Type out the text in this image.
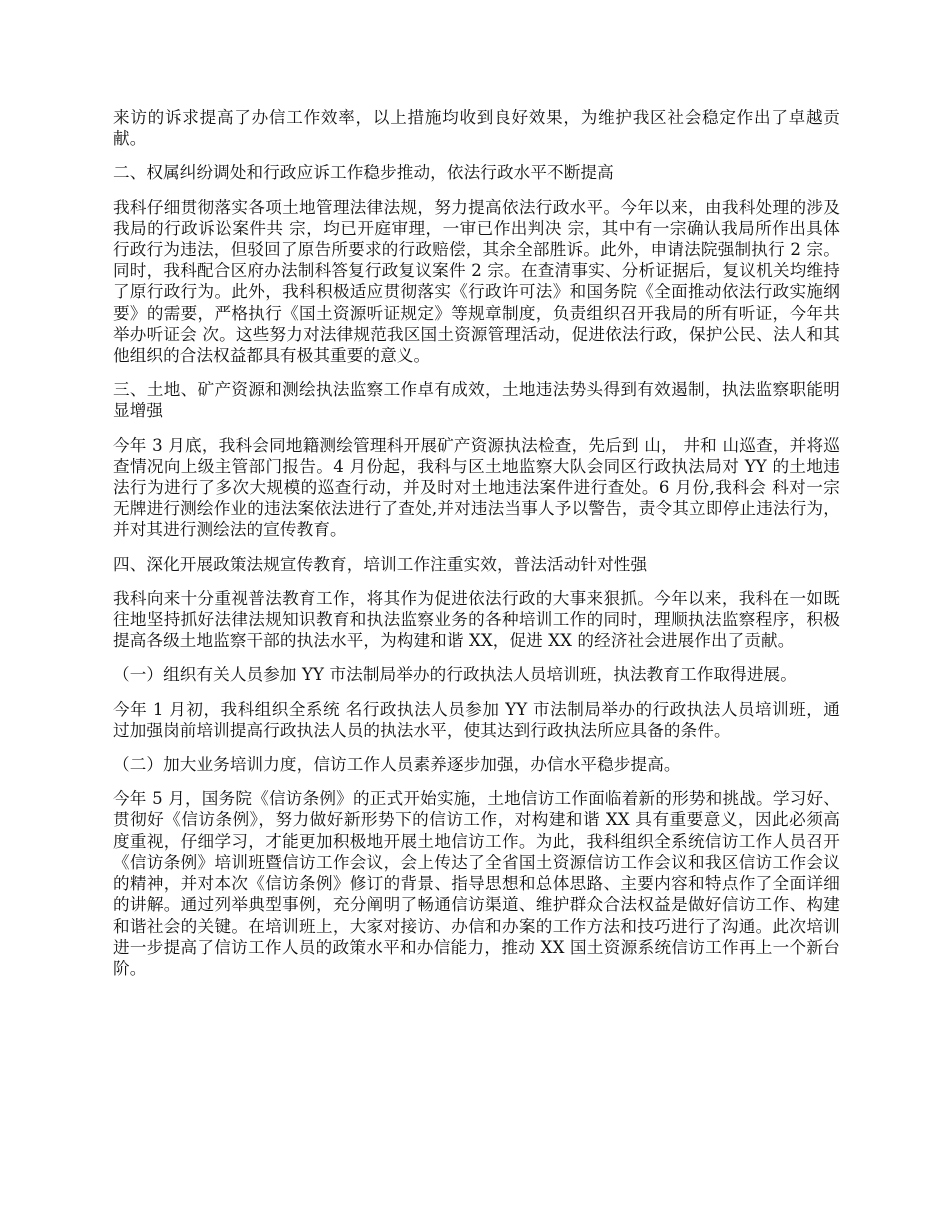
来访的诉求提高了办信工作效率，以上措施均收到良好效果，为维护我区社会稳定作出了卓越贡献。

二、权属纠纷调处和行政应诉工作稳步推动，依法行政水平不断提高

我科仔细贯彻落实各项土地管理法律法规，努力提高依法行政水平。今年以来，由我科处理的涉及我局的行政诉讼案件共 宗，均已开庭审理，一审已作出判决 宗，其中有一宗确认我局所作出具体行政行为违法，但驳回了原告所要求的行政赔偿，其余全部胜诉。此外，申请法院强制执行 2 宗。同时，我科配合区府办法制科答复行政复议案件 2 宗。在查清事实、分析证据后，复议机关均维持了原行政行为。此外，我科积极适应贯彻落实《行政许可法》和国务院《全面推动依法行政实施纲要》的需要，严格执行《国土资源听证规定》等规章制度，负责组织召开我局的所有听证，今年共举办听证会 次。这些努力对法律规范我区国土资源管理活动，促进依法行政，保护公民、法人和其他组织的合法权益都具有极其重要的意义。

三、土地、矿产资源和测绘执法监察工作卓有成效，土地违法势头得到有效遏制，执法监察职能明显增强

今年 3 月底，我科会同地籍测绘管理科开展矿产资源执法检查，先后到 山， 井和 山巡查，并将巡查情况向上级主管部门报告。4 月份起，我科与区土地监察大队会同区行政执法局对 YY 的土地违法行为进行了多次大规模的巡查行动，并及时对土地违法案件进行查处。6 月份,我科会 科对一宗无牌进行测绘作业的违法案依法进行了查处,并对违法当事人予以警告，责令其立即停止违法行为，并对其进行测绘法的宣传教育。

四、深化开展政策法规宣传教育，培训工作注重实效，普法活动针对性强

我科向来十分重视普法教育工作，将其作为促进依法行政的大事来狠抓。今年以来，我科在一如既往地坚持抓好法律法规知识教育和执法监察业务的各种培训工作的同时，理顺执法监察程序，积极提高各级土地监察干部的执法水平，为构建和谐 XX，促进 XX 的经济社会进展作出了贡献。

（一）组织有关人员参加 YY 市法制局举办的行政执法人员培训班，执法教育工作取得进展。

今年 1 月初，我科组织全系统 名行政执法人员参加 YY 市法制局举办的行政执法人员培训班，通过加强岗前培训提高行政执法人员的执法水平，使其达到行政执法所应具备的条件。

（二）加大业务培训力度，信访工作人员素养逐步加强，办信水平稳步提高。

今年 5 月，国务院《信访条例》的正式开始实施，土地信访工作面临着新的形势和挑战。学习好、贯彻好《信访条例》，努力做好新形势下的信访工作，对构建和谐 XX 具有重要意义，因此必须高度重视，仔细学习，才能更加积极地开展土地信访工作。为此，我科组织全系统信访工作人员召开《信访条例》培训班暨信访工作会议，会上传达了全省国土资源信访工作会议和我区信访工作会议的精神，并对本次《信访条例》修订的背景、指导思想和总体思路、主要内容和特点作了全面详细的讲解。通过列举典型事例，充分阐明了畅通信访渠道、维护群众合法权益是做好信访工作、构建和谐社会的关键。在培训班上，大家对接访、办信和办案的工作方法和技巧进行了沟通。此次培训进一步提高了信访工作人员的政策水平和办信能力，推动 XX 国土资源系统信访工作再上一个新台阶。
